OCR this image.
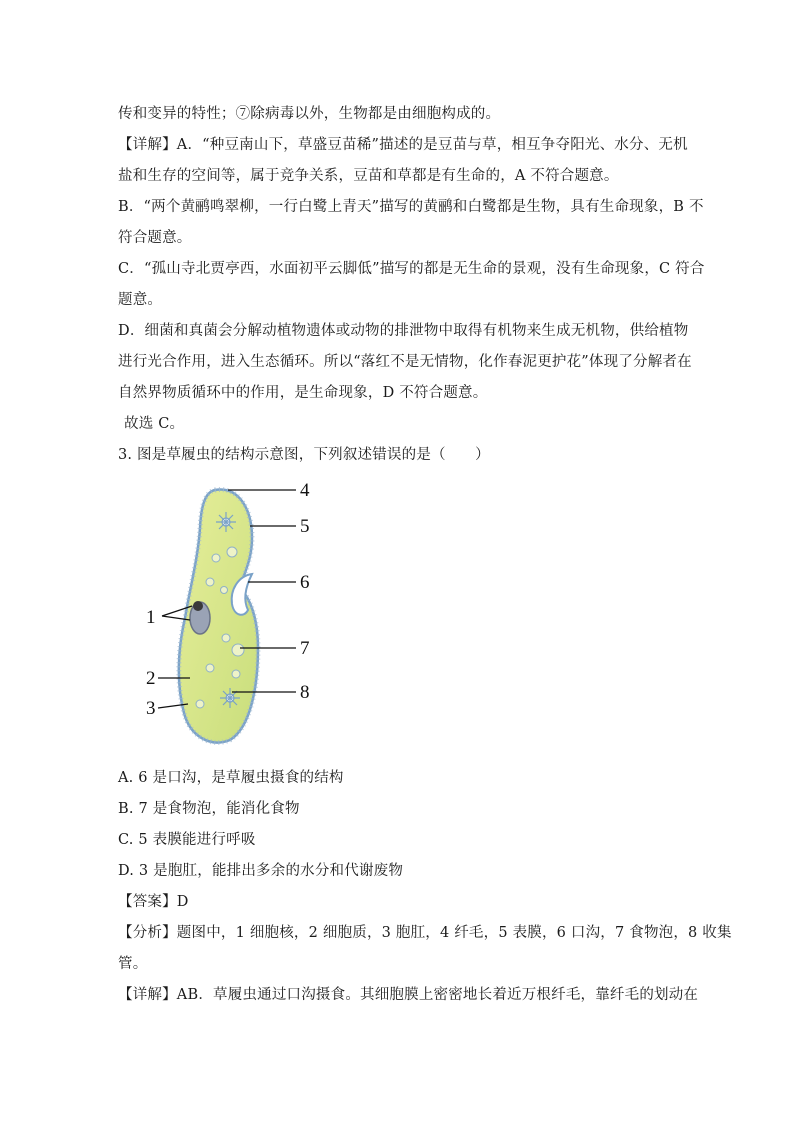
传和变异的特性；⑦除病毒以外，生物都是由细胞构成的。
【详解】A．“种豆南山下，草盛豆苗稀”描述的是豆苗与草，相互争夺阳光、水分、无机
盐和生存的空间等，属于竞争关系，豆苗和草都是有生命的，A 不符合题意。
B．“两个黄鹂鸣翠柳，一行白鹭上青天”描写的黄鹂和白鹭都是生物，具有生命现象，B 不
符合题意。
C．“孤山寺北贾亭西，水面初平云脚低”描写的都是无生命的景观，没有生命现象，C 符合
题意。
D．细菌和真菌会分解动植物遗体或动物的排泄物中取得有机物来生成无机物，供给植物
进行光合作用，进入生态循环。所以“落红不是无情物，化作春泥更护花”体现了分解者在
自然界物质循环中的作用，是生命现象，D 不符合题意。
故选 C。
3. 图是草履虫的结构示意图，下列叙述错误的是（　　）
4
5
6
7
8
1
2
3
A. 6 是口沟，是草履虫摄食的结构
B. 7 是食物泡，能消化食物
C. 5 表膜能进行呼吸
D. 3 是胞肛，能排出多余的水分和代谢废物
【答案】D
【分析】题图中，1 细胞核，2 细胞质，3 胞肛，4 纤毛，5 表膜，6 口沟，7 食物泡，8 收集
管。
【详解】AB．草履虫通过口沟摄食。其细胞膜上密密地长着近万根纤毛，靠纤毛的划动在
